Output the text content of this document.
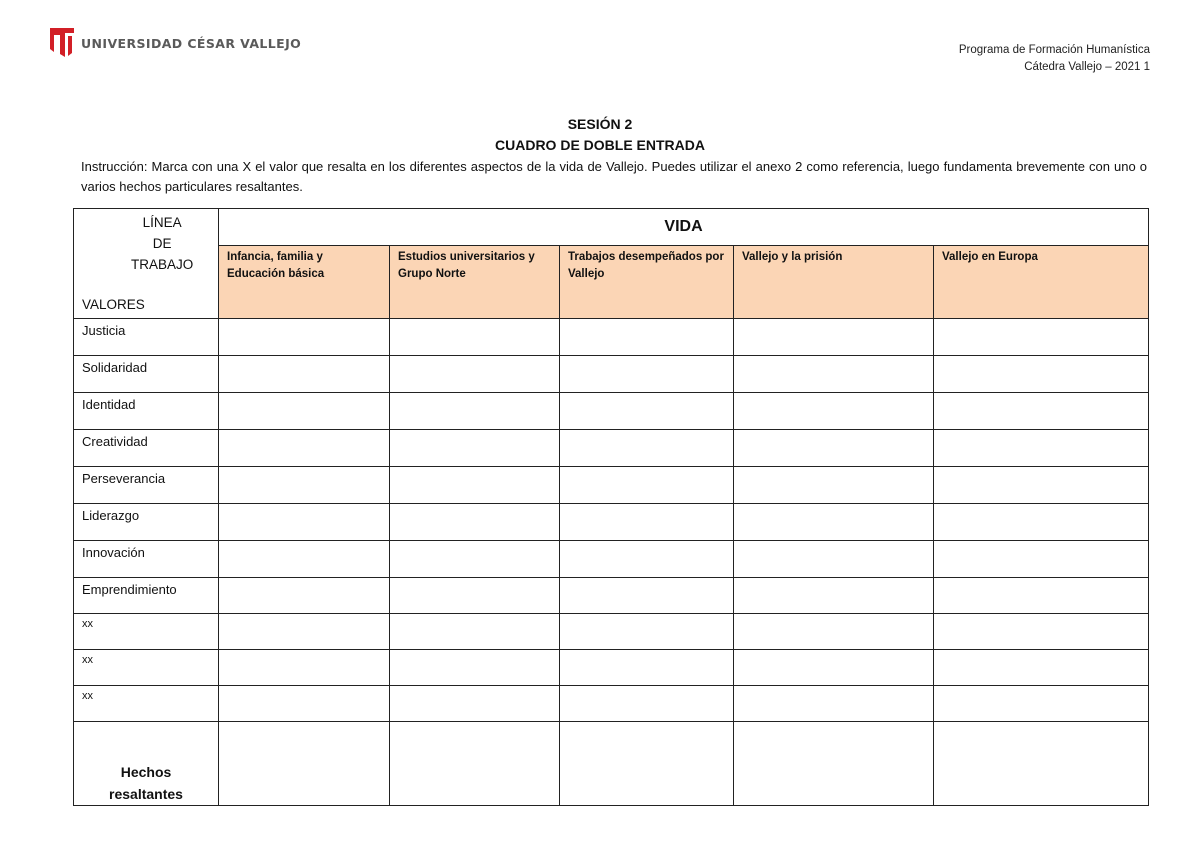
UNIVERSIDAD CÉSAR VALLEJO	Programa de Formación Humanística
Cátedra Vallejo – 2021 1
SESIÓN 2
CUADRO DE DOBLE ENTRADA
Instrucción: Marca con una X el valor que resalta en los diferentes aspectos de la vida de Vallejo. Puedes utilizar el anexo 2 como referencia, luego fundamenta brevemente con uno o varios hechos particulares resaltantes.
LÍNEA
DE
TRABAJO
VALORES	VIDA				
	Infancia, familia y Educación básica	Estudios universitarios y Grupo Norte	Trabajos desempeñados por Vallejo	Vallejo y la prisión	Vallejo en Europa
Justicia					
Solidaridad					
Identidad					
Creatividad					
Perseverancia					
Liderazgo					
Innovación					
Emprendimiento					
xx					
xx					
xx					

Hechos
resaltantes					
